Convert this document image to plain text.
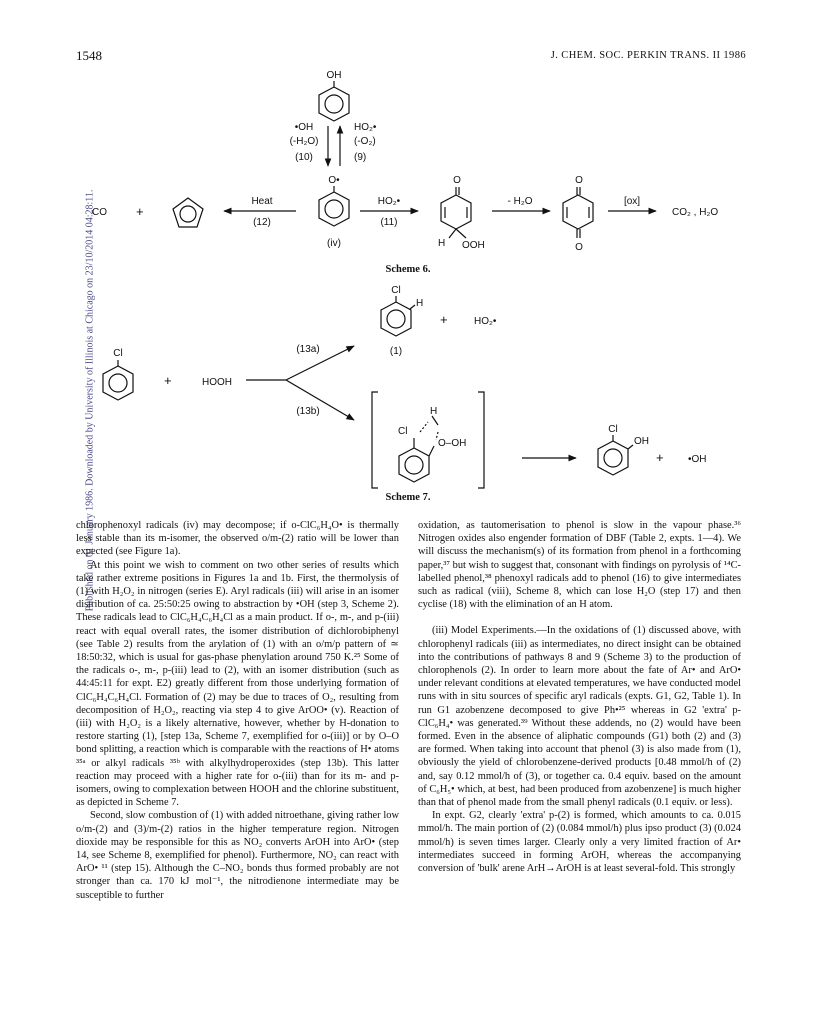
1548	J. CHEM. SOC. PERKIN TRANS. II 1986
Published on 01 January 1986. Downloaded by University of Illinois at Chicago on 23/10/2014 04:28:11.
OH
•OH
(-H₂O)
(10)
HO₂•
(-O₂)
(9)
O•
(iv)
CO +
Heat
(12)
HO₂•
(11)
O
H OOH
- H₂O
O
O
[ox]
CO₂ , H₂O
Scheme 6.
Cl
H
(1)
+	HO₂•
Cl
+	HOOH
(13a)
(13b)
Cl
H
O–OH
Cl
OH
+ •OH
Scheme 7.

chlorophenoxyl radicals (iv) may decompose; if o-ClC₆H₄O• is thermally less stable than its m-isomer, the observed o/m-(2) ratio will be lower than expected (see Figure 1a).

At this point we wish to comment on two other series of results which take rather extreme positions in Figures 1a and 1b. First, the thermolysis of (1) with H₂O₂ in nitrogen (series E). Aryl radicals (iii) will arise in an isomer distribution of ca. 25:50:25 owing to abstraction by •OH (step 3, Scheme 2). These radicals lead to ClC₆H₄C₆H₄Cl as a main product. If o-, m-, and p-(iii) react with equal overall rates, the isomer distribution of dichlorobiphenyl (see Table 2) results from the arylation of (1) with an o/m/p pattern of ≃ 18:50:32, which is usual for gas-phase phenylation around 750 K.²⁵ Some of the radicals o-, m-, p-(iii) lead to (2), with an isomer distribution (such as 44:45:11 for expt. E2) greatly different from those underlying formation of ClC₆H₄C₆H₄Cl. Formation of (2) may be due to traces of O₂, resulting from decomposition of H₂O₂, reacting via step 4 to give ArOO• (v). Reaction of (iii) with H₂O₂ is a likely alternative, however, whether by H-donation to restore starting (1), [step 13a, Scheme 7, exemplified for o-(iii)] or by O–O bond splitting, a reaction which is comparable with the reactions of H• atoms ³⁵ᵃ or alkyl radicals ³⁵ᵇ with alkylhydroperoxides (step 13b). This latter reaction may proceed with a higher rate for o-(iii) than for its m- and p-isomers, owing to complexation between HOOH and the chlorine substituent, as depicted in Scheme 7.

Second, slow combustion of (1) with added nitroethane, giving rather low o/m-(2) and (3)/m-(2) ratios in the higher temperature region. Nitrogen dioxide may be responsible for this as NO₂ converts ArOH into ArO• (step 14, see Scheme 8, exemplified for phenol). Furthermore, NO₂ can react with ArO• ¹¹ (step 15). Although the C–NO₂ bonds thus formed probably are not stronger than ca. 170 kJ mol⁻¹, the nitrodienone intermediate may be susceptible to further

oxidation, as tautomerisation to phenol is slow in the vapour phase.³⁶ Nitrogen oxides also engender formation of DBF (Table 2, expts. 1—4). We will discuss the mechanism(s) of its formation from phenol in a forthcoming paper,³⁷ but wish to suggest that, consonant with findings on pyrolysis of ¹⁴C-labelled phenol,³⁸ phenoxyl radicals add to phenol (16) to give intermediates such as radical (viii), Scheme 8, which can lose H₂O (step 17) and then cyclise (18) with the elimination of an H atom.

(iii) Model Experiments.—In the oxidations of (1) discussed above, with chlorophenyl radicals (iii) as intermediates, no direct insight can be obtained into the contributions of pathways 8 and 9 (Scheme 3) to the production of chlorophenols (2). In order to learn more about the fate of Ar• and ArO• under relevant conditions at elevated temperatures, we have conducted model runs with in situ sources of specific aryl radicals (expts. G1, G2, Table 1). In run G1 azobenzene decomposed to give Ph•²⁵ whereas in G2 'extra' p-ClC₆H₄• was generated.³⁹ Without these addends, no (2) would have been formed. Even in the absence of aliphatic compounds (G1) both (2) and (3) are formed. When taking into account that phenol (3) is also made from (1), obviously the yield of chlorobenzene-derived products [0.48 mmol/h of (2) and, say 0.12 mmol/h of (3), or together ca. 0.4 equiv. based on the amount of C₆H₅• which, at best, had been produced from azobenzene] is much higher than that of phenol made from the small phenyl radicals (0.1 equiv. or less).

In expt. G2, clearly 'extra' p-(2) is formed, which amounts to ca. 0.015 mmol/h. The main portion of (2) (0.084 mmol/h) plus ipso product (3) (0.024 mmol/h) is seven times larger. Clearly only a very limited fraction of Ar• intermediates succeed in forming ArOH, whereas the accompanying conversion of 'bulk' arene ArH→ArOH is at least several-fold. This strongly
